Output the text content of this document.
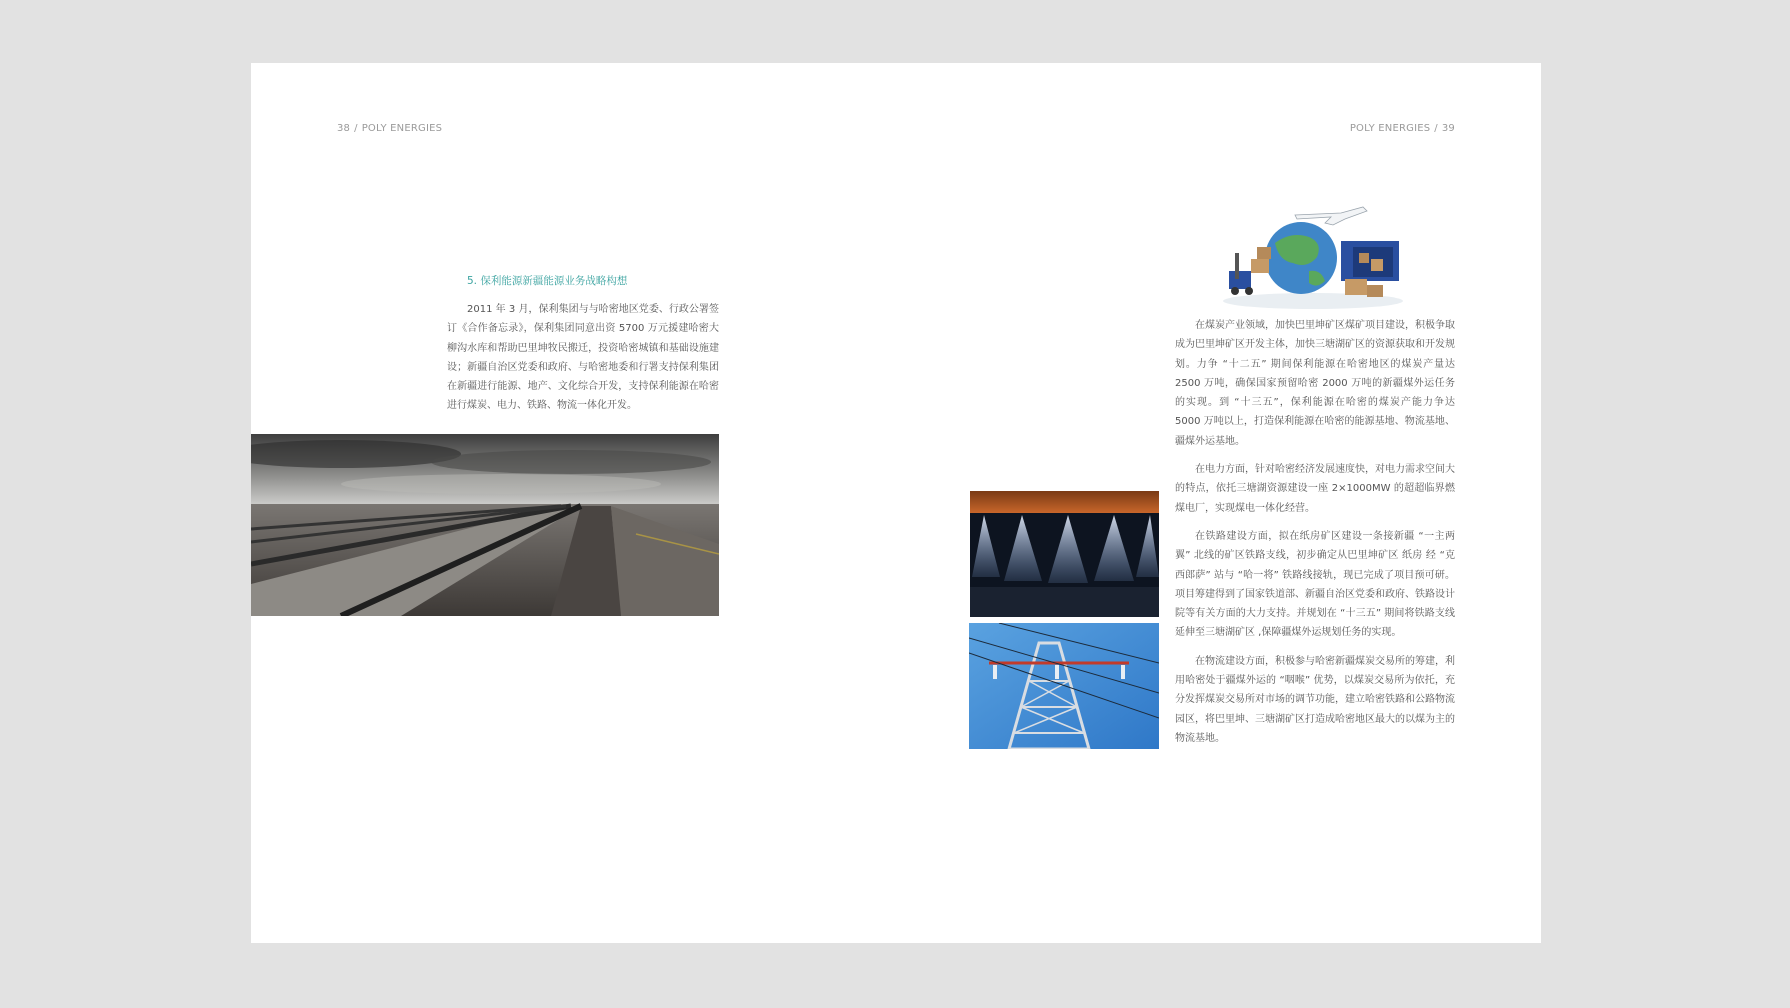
38 / POLY ENERGIES	POLY ENERGIES / 39
5. 保利能源新疆能源业务战略构想

2011 年 3 月，保利集团与与哈密地区党委、行政公署签订《合作备忘录》，保利集团同意出资 5700 万元援建哈密大柳沟水库和帮助巴里坤牧民搬迁，投资哈密城镇和基础设施建设；新疆自治区党委和政府、与哈密地委和行署支持保利集团在新疆进行能源、地产、文化综合开发，支持保利能源在哈密进行煤炭、电力、铁路、物流一体化开发。

在煤炭产业领域，加快巴里坤矿区煤矿项目建设，积极争取成为巴里坤矿区开发主体，加快三塘湖矿区的资源获取和开发规划。力争 “十二五” 期间保利能源在哈密地区的煤炭产量达 2500 万吨，确保国家预留哈密 2000 万吨的新疆煤外运任务的实现。到 “十三五”，保利能源在哈密的煤炭产能力争达 5000 万吨以上，打造保利能源在哈密的能源基地、物流基地、疆煤外运基地。

在电力方面，针对哈密经济发展速度快，对电力需求空间大的特点，依托三塘湖资源建设一座 2×1000MW 的超超临界燃煤电厂，实现煤电一体化经营。

在铁路建设方面，拟在纸房矿区建设一条接新疆 “一主两翼” 北线的矿区铁路支线，初步确定从巴里坤矿区 纸房 经 “克西郎萨” 站与 “哈一将” 铁路线接轨，现已完成了项目预可研。项目筹建得到了国家铁道部、新疆自治区党委和政府、铁路设计院等有关方面的大力支持。并规划在 “十三五” 期间将铁路支线延伸至三塘湖矿区 ,保障疆煤外运规划任务的实现。

在物流建设方面，积极参与哈密新疆煤炭交易所的筹建，利用哈密处于疆煤外运的 “咽喉” 优势，以煤炭交易所为依托，充分发挥煤炭交易所对市场的调节功能，建立哈密铁路和公路物流园区，将巴里坤、三塘湖矿区打造成哈密地区最大的以煤为主的物流基地。
